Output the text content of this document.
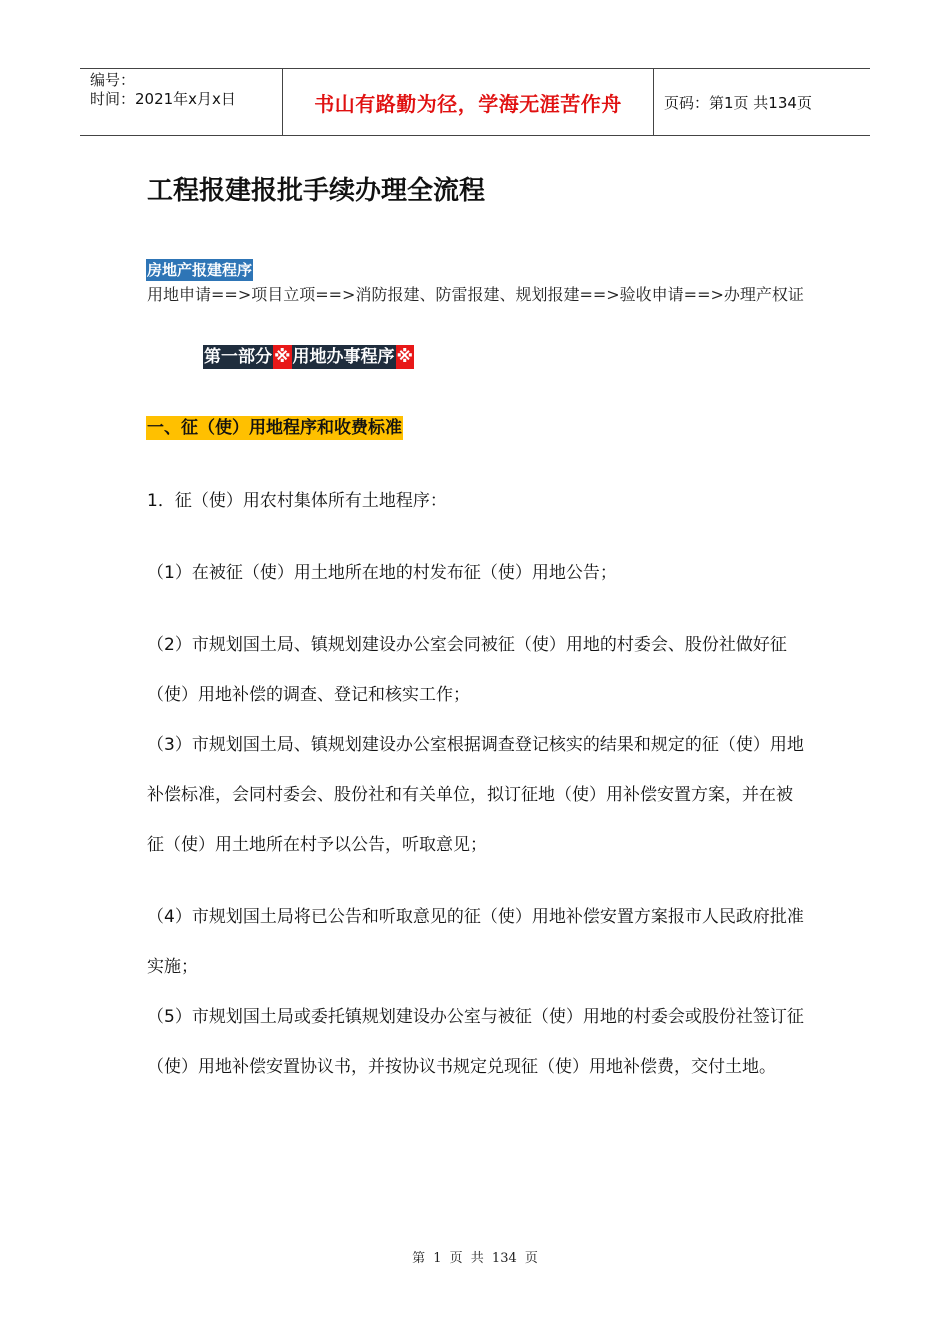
编号：
时间：2021年x月x日	书山有路勤为径，学海无涯苦作舟	页码：第1页 共134页
工程报建报批手续办理全流程
房地产报建程序

用地申请==>项目立项==>消防报建、防雷报建、规划报建==>验收申请==>办理产权证

第一部分 ※ 用地办事程序 ※
一、征（使）用地程序和收费标准

1．征（使）用农村集体所有土地程序：

（1）在被征（使）用土地所在地的村发布征（使）用地公告；

（2）市规划国土局、镇规划建设办公室会同被征（使）用地的村委会、股份社做好征（使）用地补偿的调查、登记和核实工作；

（3）市规划国土局、镇规划建设办公室根据调查登记核实的结果和规定的征（使）用地补偿标准，会同村委会、股份社和有关单位，拟订征地（使）用补偿安置方案，并在被征（使）用土地所在村予以公告，听取意见；

（4）市规划国土局将已公告和听取意见的征（使）用地补偿安置方案报市人民政府批准实施；

（5）市规划国土局或委托镇规划建设办公室与被征（使）用地的村委会或股份社签订征（使）用地补偿安置协议书，并按协议书规定兑现征（使）用地补偿费，交付土地。

第 1 页 共 134 页
